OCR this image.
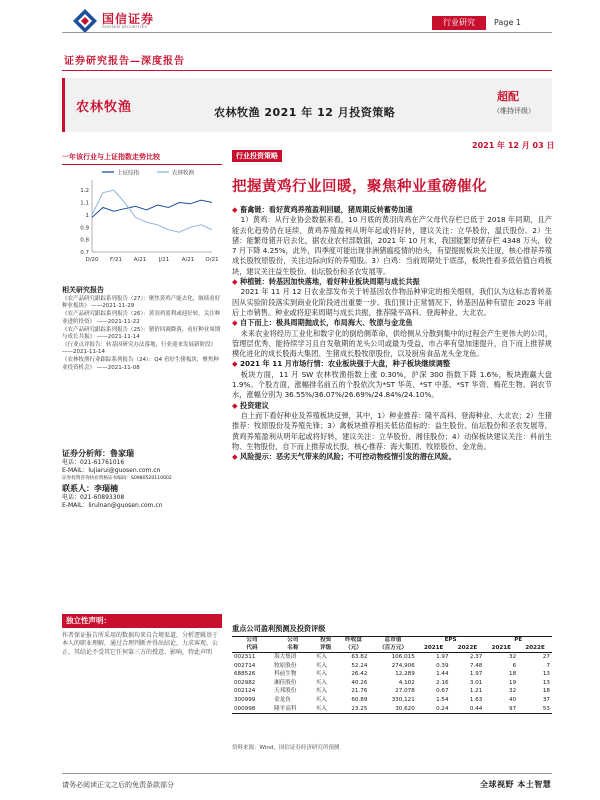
国信证券
GUOSEN SECURITIES	行业研究	Page 1
证券研究报告—深度报告
农林牧渔	农林牧渔 2021 年 12 月投资策略
超配
（维持评级）
2021 年 12 月 03 日
一年该行业与上证指数走势比较
上证综指	农林牧渔
1.2
1.1
1
0.9
0.8
0.7
D/20 F/21 A/21 J/21 A/21 O/21
相关研究报告
《农产品研究跟踪系列报告（27）：聚焦黄鸡产能去化，继续看好种业板块》 ——2021-11-29
《农产品研究跟踪系列报告（26）：黄羽鸡盈利或迎好转，关注种业进阶投资》 ——2021-11-22
《农产品研究跟踪系列报告（25）：猪价回调降落，看好种业周期与成长共振》 ——2021-11-14
《行业点评报告：转基因研究办法落地，行业迎来发展新阶段》 ——2021-11-14
《农林牧渔行业跟踪系列报告（24）：Q4 看好生猪板块，聚焦种业投资机会》 ——2021-11-08
证券分析师：鲁家瑞
电话：021-61761016
E-MAIL：lujiarui@guosen.com.cn
证券投资咨询执业资格证书编码：S0980520110002
联系人：李瑞楠
电话：021-60893308
E-MAIL：lirulnan@guosen.com.cn
独立性声明：
作者保证报告所采用的数据均来自合规渠道，分析逻辑基于本人的职业理解，通过合理判断并得出结论，力求客观、公正，其结论不受其它任何第三方的授意、影响，特此声明
行业投资策略
把握黄鸡行业回暖，聚焦种业重磅催化
◆ 畜禽链：看好黄鸡养殖盈利回暖，猪周期反转蓄势加速
1）黄鸡：从行业协会数据来看，10 月底的黄羽肉鸡在产父母代存栏已低于 2018 年同期，且产能去化趋势仍在延续，黄鸡养殖盈利从明年起或将好转，建议关注：立华股份，温氏股份。2）生猪：能繁母猪开启去化，据农业农村部数据，2021 年 10 月末，我国能繁母猪存栏 4348 万头，较 7 月下降 4.25%，此外，四季度可能出现非洲猪瘟疫情的抬头，有望提振板块关注度，核心推荐养殖成长股牧原股份，关注边际向好的养殖股。3）白鸡：当前周期处于底部，板块性看多低估值白鸡板块，建议关注益生股份、仙坛股份和圣农发展等。
◆ 种植链：转基因加快落地，看好种业板块周期与成长共振
2021 年 11 月 12 日农业部发布关于转基因农作物品种审定的相关细则，我们认为这标志着转基因从实验阶段落实到商业化阶段进出重要一步。我们预计正常情况下，转基因品种有望在 2023 年前后上市销售。种业或将迎来周期与成长共振，推荐隆平高科、登海种业、大北农。
◆ 自下而上：极具周期抛成长，布局海大、牧原与金龙鱼
未来农业将经历工业化和数字化的倒给侧革命，供给侧从分散到集中的过程会产生更伟大的公司，管理层优秀、能持续学习且自发敬期的龙头公司或最为受益，市占率有望加速提升，自下而上推荐规模化进化的成长股海大集团、生猪成长股牧原股份，以及厨房食品龙头金龙鱼。
◆ 2021 年 11 月市场行情：农业板块强于大盘，种子板块继续调整
板块方面，11 月 SW 农林牧渔指数上涨 0.30%，沪深 300 指数下降 1.6%，板块跑赢大盘 1.9%。个股方面，涨幅排名前五的个股依次为*ST 华英、*ST 中基、*ST 华资、梅花生物、润农节水，涨幅分别为 36.55%/36.07%/26.69%/24.84%/24.10%。
◆ 投资建议
自上而下看好种业及养殖板块反弹，其中，1）种业推荐：隆平高科、登海种业、大北农；2）生猪推荐：牧原股份及养殖先锋；3）禽板块推荐相关低估值标的：益生股份、仙坛股份和圣农发展等，黄鸡养殖盈利从明年起或将好转，建议关注：立华股份、湘佳股份；4）动保板块建议关注：科前生物、生物股份，自下而上推荐成长股、核心推荐：海大集团、牧原股份、金龙鱼。
◆ 风险提示：恶劣天气带来的风险；不可控动物疫情引发的潜在风险。
重点公司盈利预测及投资评级
公司	公司	投资	昨收盘	总市值	EPS		PE	
代码	名称	评级	（元）	（百万元）	2021E	2022E	2021E	2022E
002311	海大集团	买入	63.82	106,015	1.97	2.37	32	27
002714	牧原股份	买入	52.24	274,906	0.39	7.48	6	7
688526	科前生物	买入	26.42	12,289	1.44	1.97	18	13
002982	湘佳股份	买入	40.26	4,102	2.16	3.01	19	13
002124	天邦股份	买入	21.76	27,078	0.67	1.21	32	18
300999	金龙鱼	买入	60.89	330,121	1.54	1.63	40	37
000998	隆平高科	买入	23.25	30,620	0.24	0.44	97	53
资料来源：Wind，国信证券经济研究所预测
请务必阅读正文之后的免责条款部分	全球视野 本土智慧
